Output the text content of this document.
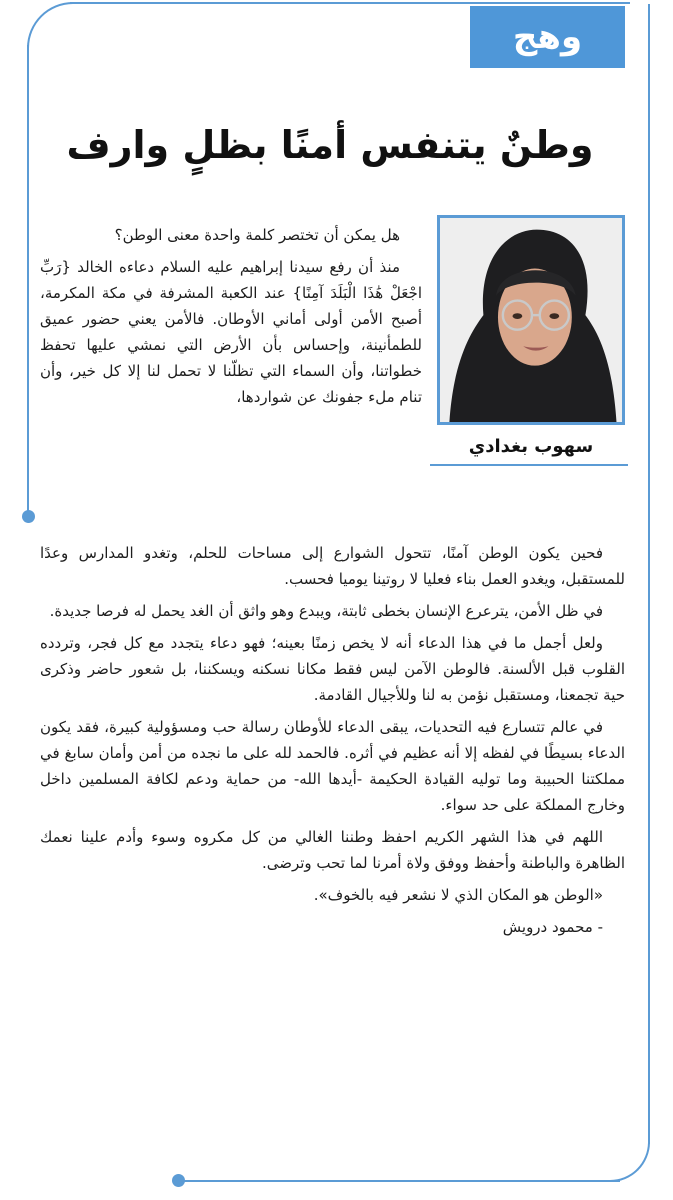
وهج
وطنٌ يتنفس أمنًا بظلٍ وارف
سهوب بغدادي

هل يمكن أن تختصر كلمة واحدة معنى الوطن؟

منذ أن رفع سيدنا إبراهيم عليه السلام دعاءه الخالد {رَبِّ اجْعَلْ هَٰذَا الْبَلَدَ آمِنًا} عند الكعبة المشرفة في مكة المكرمة، أصبح الأمن أولى أماني الأوطان. فالأمن يعني حضور عميق للطمأنينة، وإحساس بأن الأرض التي نمشي عليها تحفظ خطواتنا، وأن السماء التي تظلّنا لا تحمل لنا إلا كل خير، وأن تنام ملء جفونك عن شواردها،

فحين يكون الوطن آمنًا، تتحول الشوارع إلى مساحات للحلم، وتغدو المدارس وعدًا للمستقبل، ويغدو العمل بناء فعليا لا روتينا يوميا فحسب.

في ظل الأمن، يترعرع الإنسان بخطى ثابتة، ويبدع وهو واثق أن الغد يحمل له فرصا جديدة.

ولعل أجمل ما في هذا الدعاء أنه لا يخص زمنًا بعينه؛ فهو دعاء يتجدد مع كل فجر، وتردده القلوب قبل الألسنة. فالوطن الآمن ليس فقط مكانا نسكنه ويسكننا، بل شعور حاضر وذكرى حية تجمعنا، ومستقبل نؤمن به لنا وللأجيال القادمة.

في عالم تتسارع فيه التحديات، يبقى الدعاء للأوطان رسالة حب ومسؤولية كبيرة، فقد يكون الدعاء بسيطًا في لفظه إلا أنه عظيم في أثره. فالحمد لله على ما نجده من أمن وأمان سابغ في مملكتنا الحبيبة وما توليه القيادة الحكيمة -أيدها الله- من حماية ودعم لكافة المسلمين داخل وخارج المملكة على حد سواء.

اللهم في هذا الشهر الكريم احفظ وطننا الغالي من كل مكروه وسوء وأدم علينا نعمك الظاهرة والباطنة وأحفظ ووفق ولاة أمرنا لما تحب وترضى.

«الوطن هو المكان الذي لا نشعر فيه بالخوف».

- محمود درويش
